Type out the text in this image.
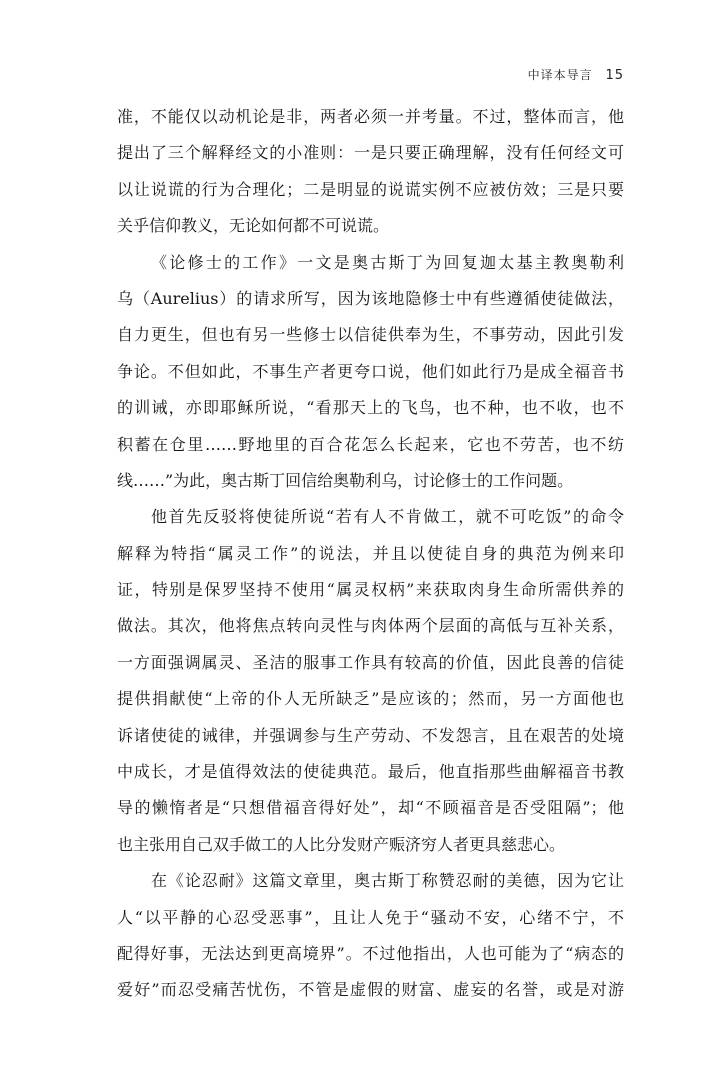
中译本导言 15
准，不能仅以动机论是非，两者必须一并考量。不过，整体而言，他
提出了三个解释经文的小准则：一是只要正确理解，没有任何经文可
以让说谎的行为合理化；二是明显的说谎实例不应被仿效；三是只要
关乎信仰教义，无论如何都不可说谎。
《论修士的工作》一文是奥古斯丁为回复迦太基主教奥勒利
乌（Aurelius）的请求所写，因为该地隐修士中有些遵循使徒做法，
自力更生，但也有另一些修士以信徒供奉为生，不事劳动，因此引发
争论。不但如此，不事生产者更夸口说，他们如此行乃是成全福音书
的训诫，亦即耶稣所说，“看那天上的飞鸟，也不种，也不收，也不
积蓄在仓里……野地里的百合花怎么长起来，它也不劳苦，也不纺
线……”为此，奥古斯丁回信给奥勒利乌，讨论修士的工作问题。
他首先反驳将使徒所说“若有人不肯做工，就不可吃饭”的命令
解释为特指“属灵工作”的说法，并且以使徒自身的典范为例来印
证，特别是保罗坚持不使用“属灵权柄”来获取肉身生命所需供养的
做法。其次，他将焦点转向灵性与肉体两个层面的高低与互补关系，
一方面强调属灵、圣洁的服事工作具有较高的价值，因此良善的信徒
提供捐献使“上帝的仆人无所缺乏”是应该的；然而，另一方面他也
诉诸使徒的诫律，并强调参与生产劳动、不发怨言，且在艰苦的处境
中成长，才是值得效法的使徒典范。最后，他直指那些曲解福音书教
导的懒惰者是“只想借福音得好处”，却“不顾福音是否受阻隔”；他
也主张用自己双手做工的人比分发财产赈济穷人者更具慈悲心。
在《论忍耐》这篇文章里，奥古斯丁称赞忍耐的美德，因为它让
人“以平静的心忍受恶事”，且让人免于“骚动不安，心绪不宁，不
配得好事，无法达到更高境界”。不过他指出，人也可能为了“病态的
爱好”而忍受痛苦忧伤，不管是虚假的财富、虚妄的名誉，或是对游
